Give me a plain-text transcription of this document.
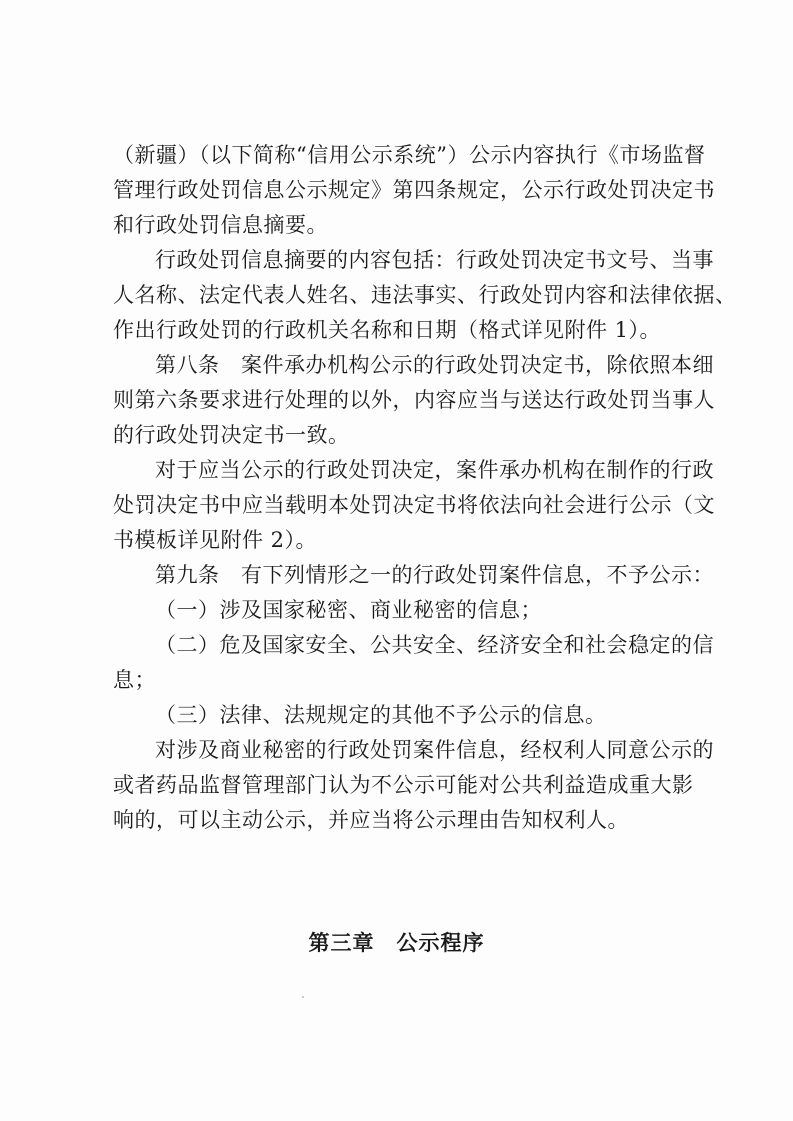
（新疆）（以下简称“信用公示系统”）公示内容执行《市场监督
管理行政处罚信息公示规定》第四条规定，公示行政处罚决定书
和行政处罚信息摘要。
行政处罚信息摘要的内容包括：行政处罚决定书文号、当事
人名称、法定代表人姓名、违法事实、行政处罚内容和法律依据、
作出行政处罚的行政机关名称和日期（格式详见附件 1）。
第八条　案件承办机构公示的行政处罚决定书，除依照本细
则第六条要求进行处理的以外，内容应当与送达行政处罚当事人
的行政处罚决定书一致。
对于应当公示的行政处罚决定，案件承办机构在制作的行政
处罚决定书中应当载明本处罚决定书将依法向社会进行公示（文
书模板详见附件 2）。
第九条　有下列情形之一的行政处罚案件信息，不予公示：
（一）涉及国家秘密、商业秘密的信息；
（二）危及国家安全、公共安全、经济安全和社会稳定的信
息；
（三）法律、法规规定的其他不予公示的信息。
对涉及商业秘密的行政处罚案件信息，经权利人同意公示的
或者药品监督管理部门认为不公示可能对公共利益造成重大影
响的，可以主动公示，并应当将公示理由告知权利人。
第三章　公示程序
